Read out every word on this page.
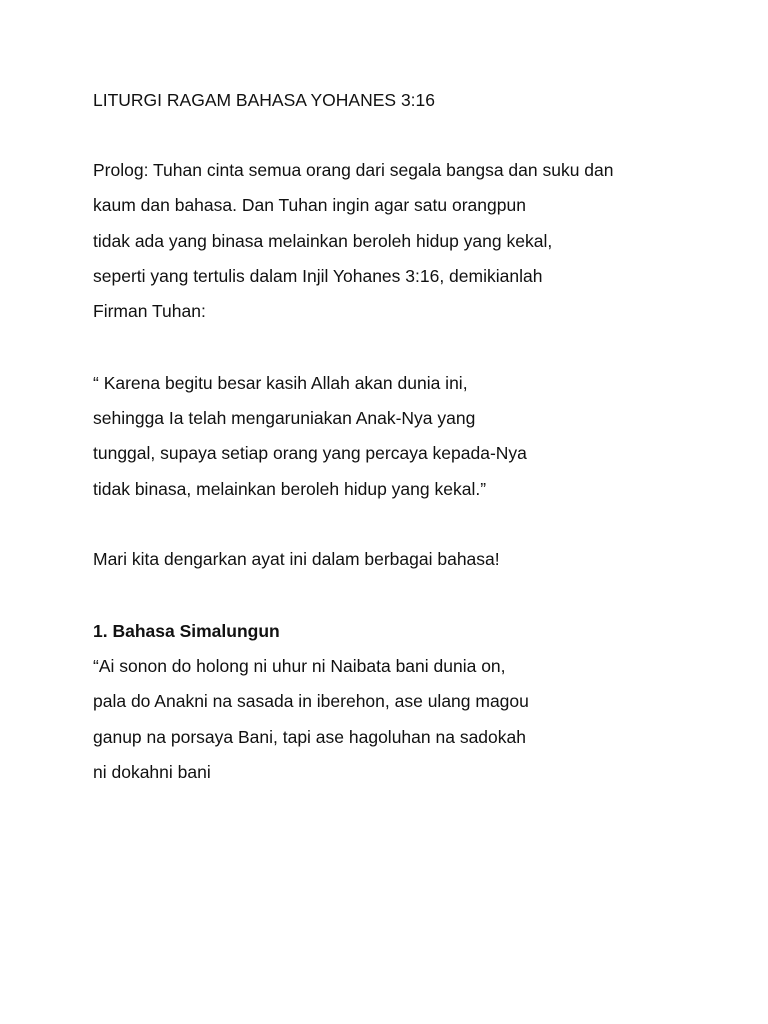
LITURGI RAGAM BAHASA YOHANES 3:16

Prolog: Tuhan cinta semua orang dari segala bangsa dan suku dan

kaum dan bahasa. Dan Tuhan ingin agar satu orangpun

tidak ada yang binasa melainkan beroleh hidup yang kekal,

seperti yang tertulis dalam Injil Yohanes 3:16, demikianlah

Firman Tuhan:

“ Karena begitu besar kasih Allah akan dunia ini,

sehingga Ia telah mengaruniakan Anak-Nya yang

tunggal, supaya setiap orang yang percaya kepada-Nya

tidak binasa, melainkan beroleh hidup yang kekal.”

Mari kita dengarkan ayat ini dalam berbagai bahasa!

1. Bahasa Simalungun

“Ai sonon do holong ni uhur ni Naibata bani dunia on,

pala do Anakni na sasada in iberehon, ase ulang magou

ganup na porsaya Bani, tapi ase hagoluhan na sadokah

ni dokahni bani
